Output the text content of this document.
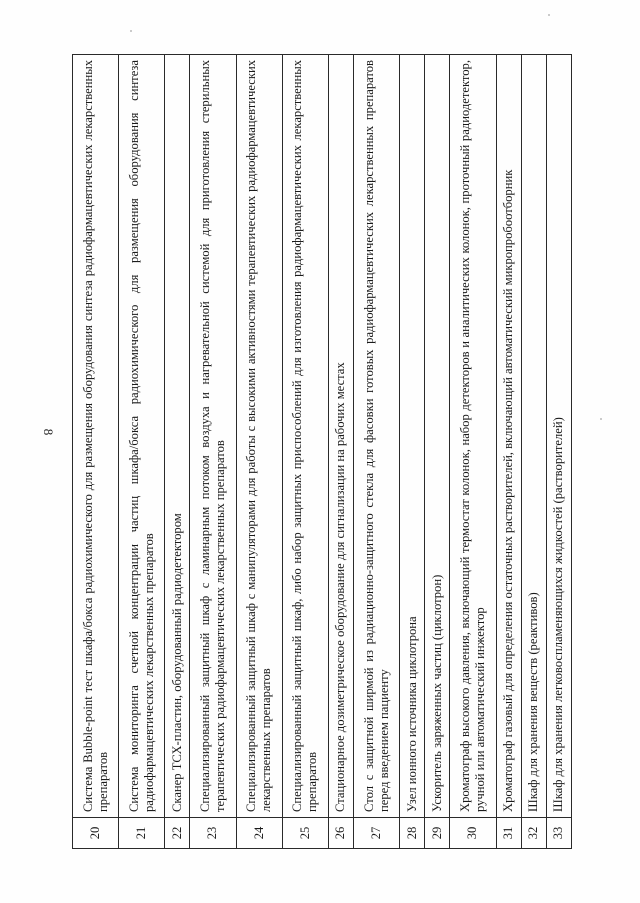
8
20	Система Bubble-point тест шкафа/бокса радиохимического для размещения оборудования синтеза радиофармацевтических лекарственных препаратов
21	Система мониторинга счетной концентрации частиц шкафа/бокса радиохимического для размещения оборудования синтеза радиофармацевтических лекарственных препаратов
22	Сканер ТСХ-пластин, оборудованный радиодетектором
23	Специализированный защитный шкаф с ламинарным потоком воздуха и нагревательной системой для приготовления стерильных терапевтических радиофармацевтических лекарственных препаратов
24	Специализированный защитный шкаф с манипуляторами для работы с высокими активностями терапевтических радиофармацевтических лекарственных препаратов
25	Специализированный защитный шкаф, либо набор защитных приспособлений для изготовления радиофармацевтических лекарственных препаратов
26	Стационарное дозиметрическое оборудование для сигнализации на рабочих местах
27	Стол с защитной ширмой из радиационно-защитного стекла для фасовки готовых радиофармацевтических лекарственных препаратов перед введением пациенту
28	Узел ионного источника циклотрона
29	Ускоритель заряженных частиц (циклотрон)
30	Хроматограф высокого давления, включающий термостат колонок, набор детекторов и аналитических колонок, проточный радиодетектор, ручной или автоматический инжектор
31	Хроматограф газовый для определения остаточных растворителей, включающий автоматический микропробоотборник
32	Шкаф для хранения веществ (реактивов)
33	Шкаф для хранения легковоспламеняющихся жидкостей (растворителей)
